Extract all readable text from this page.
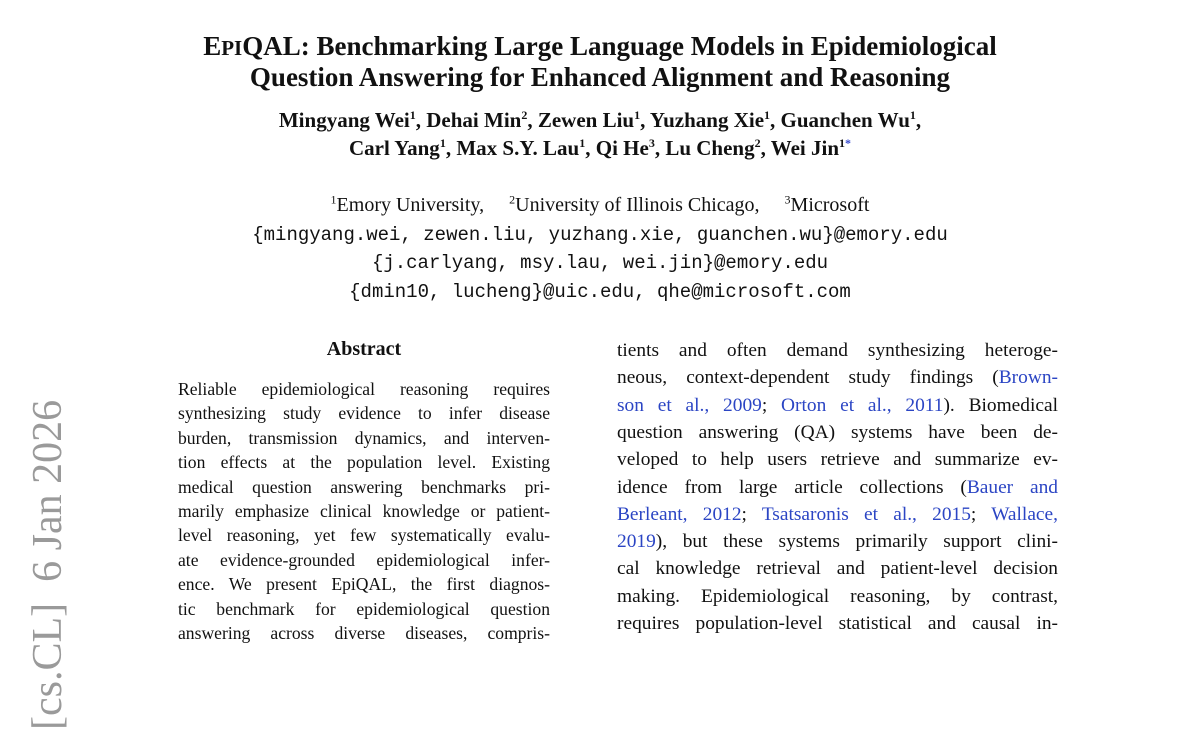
[cs.CL]  6 Jan 2026
EPIQAL: Benchmarking Large Language Models in Epidemiological
Question Answering for Enhanced Alignment and Reasoning
Mingyang Wei$^1$, Dehai Min$^2$, Zewen Liu$^1$, Yuzhang Xie$^1$, Guanchen Wu$^1$,
Carl Yang$^1$, Max S.Y. Lau$^1$, Qi He$^3$, Lu Cheng$^2$, Wei Jin$^{1*}$
$^1$Emory University,  $^2$University of Illinois Chicago,  $^3$Microsoft
{mingyang.wei, zewen.liu, yuzhang.xie, guanchen.wu}@emory.edu
{j.carlyang, msy.lau, wei.jin}@emory.edu
{dmin10, lucheng}@uic.edu, qhe@microsoft.com
Abstract
Reliable epidemiological reasoning requires
synthesizing study evidence to infer disease
burden, transmission dynamics, and interven-
tion effects at the population level. Existing
medical question answering benchmarks pri-
marily emphasize clinical knowledge or patient-
level reasoning, yet few systematically evalu-
ate evidence-grounded epidemiological infer-
ence. We present EpiQAL, the first diagnos-
tic benchmark for epidemiological question
answering across diverse diseases, compris-
tients and often demand synthesizing heteroge-
neous, context-dependent study findings (Brown-
son et al., 2009; Orton et al., 2011). Biomedical
question answering (QA) systems have been de-
veloped to help users retrieve and summarize ev-
idence from large article collections (Bauer and
Berleant, 2012; Tsatsaronis et al., 2015; Wallace,
2019), but these systems primarily support clini-
cal knowledge retrieval and patient-level decision
making. Epidemiological reasoning, by contrast,
requires population-level statistical and causal in-
